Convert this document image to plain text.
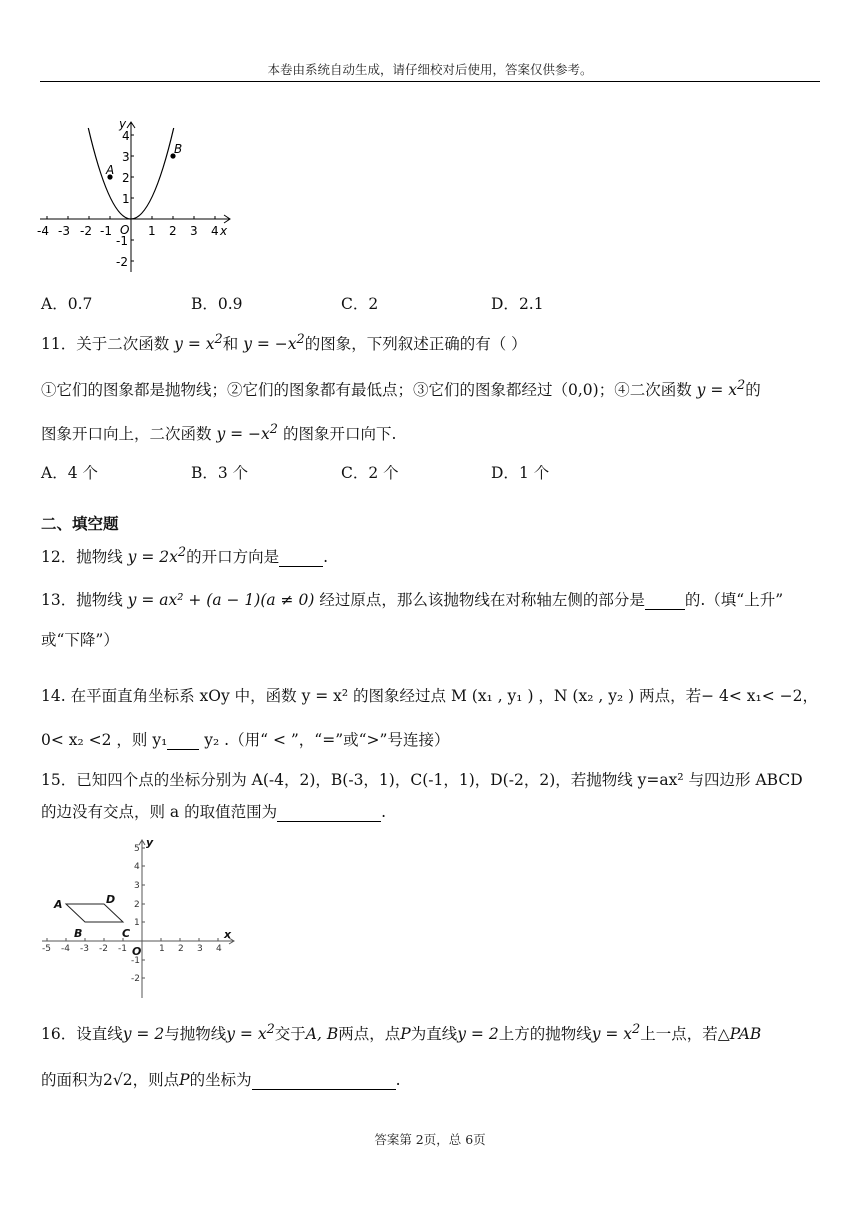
本卷由系统自动生成，请仔细校对后使用，答案仅供参考。
-4 -3 -2 -1	1 2 3 4
4
3
2
1
-1
-2
x
y
O
A
B
A．0.7	B．0.9	C．2	D．2.1
11．关于二次函数 $y = x^2$和 $y = -x^2$的图象，下列叙述正确的有（ ）
①它们的图象都是抛物线；②它们的图象都有最低点；③它们的图象都经过（0,0)；④二次函数 $y = x^2$的
图象开口向上，二次函数 $y = -x^2$ 的图象开口向下.
A．4 个	B．3 个	C．2 个	D．1 个
二、填空题
12．抛物线 $y = 2x^2$的开口方向是	.
13．抛物线 y = ax² + (a − 1)(a ≠ 0) 经过原点，那么该抛物线在对称轴左侧的部分是	的.（填“上升”
或“下降”）
14. 在平面直角坐标系 xOy 中，函数 y = x² 的图象经过点 M (x₁ , y₁ ) ，N (x₂ , y₂ ) 两点，若− 4< x₁< −2，
0< x₂ <2 ，则 y₁ y₂ .（用“ < ”，“=”或“>”号连接）
15．已知四个点的坐标分别为 A(-4，2)，B(-3，1)，C(-1，1)，D(-2，2)，若抛物线 y=ax² 与四边形 ABCD
的边没有交点，则 a 的取值范围为	.
-5 -4 -3 -2 -1	1 2 3 4
5
4
3
2
1
-1
-2
x
y
O
A
B	C
D
16．设直线y = 2与抛物线$y = x^2$交于A, B两点，点P为直线y = 2上方的抛物线$y = x^2$上一点，若△PAB
的面积为2√2，则点P的坐标为	.
答案第 2页，总 6页
